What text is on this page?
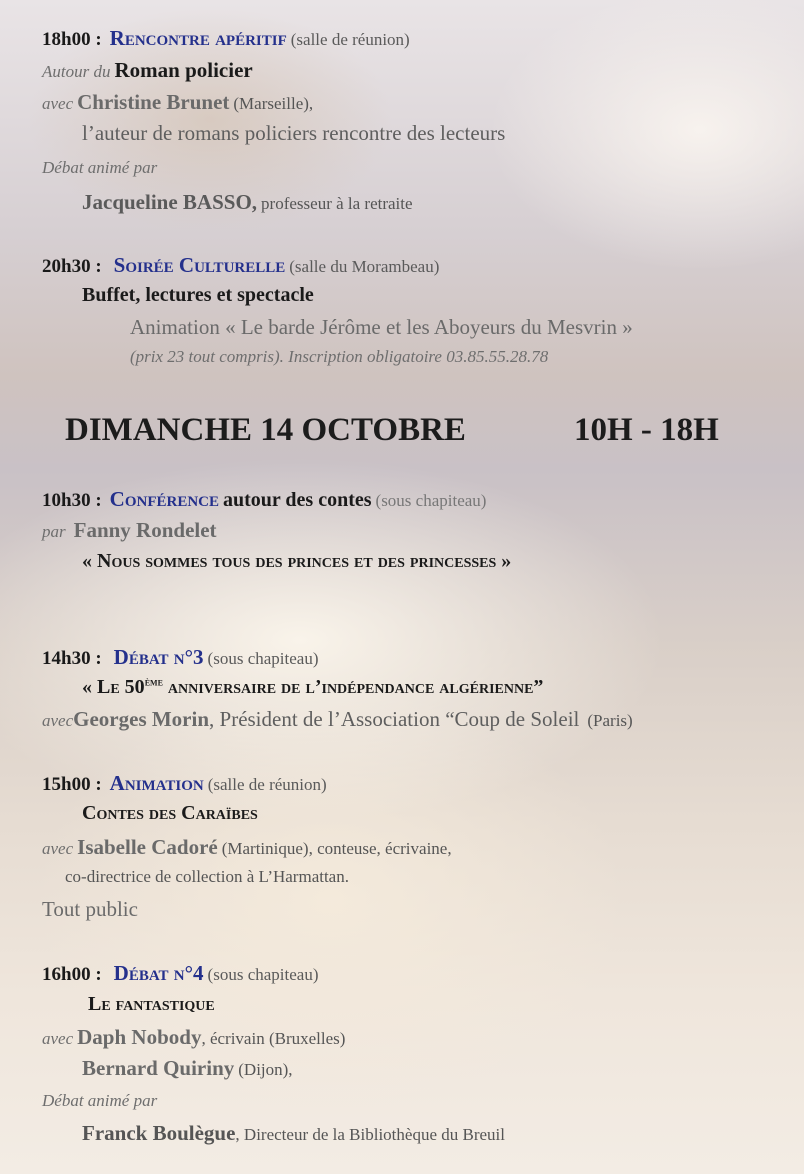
18h00 : Rencontre apéritif (salle de réunion)
Autour du Roman policier
avec Christine Brunet (Marseille),
l’auteur de romans policiers rencontre des lecteurs
Débat animé par
Jacqueline BASSO, professeur à la retraite
20h30 : Soirée Culturelle (salle du Morambeau)
Buffet, lectures et spectacle
Animation « Le barde Jérôme et les Aboyeurs du Mesvrin »
(prix 23 tout compris). Inscription obligatoire 03.85.55.28.78
DIMANCHE 14 OCTOBRE	10H - 18H
10h30 : Conférence autour des contes (sous chapiteau)
par Fanny Rondelet
« Nous sommes tous des princes et des princesses »
14h30 : Débat n°3 (sous chapiteau)
« Le 50ème anniversaire de l’indépendance algérienne”
avec Georges Morin, Président de l’Association “Coup de Soleil (Paris)
15h00 : Animation (salle de réunion)
Contes des Caraïbes
avec Isabelle Cadoré (Martinique), conteuse, écrivaine,
co-directrice de collection à L’Harmattan.
Tout public
16h00 : Débat n°4 (sous chapiteau)
Le fantastique
avec Daph Nobody, écrivain (Bruxelles)
Bernard Quiriny (Dijon),
Débat animé par
Franck Boulègue, Directeur de la Bibliothèque du Breuil
